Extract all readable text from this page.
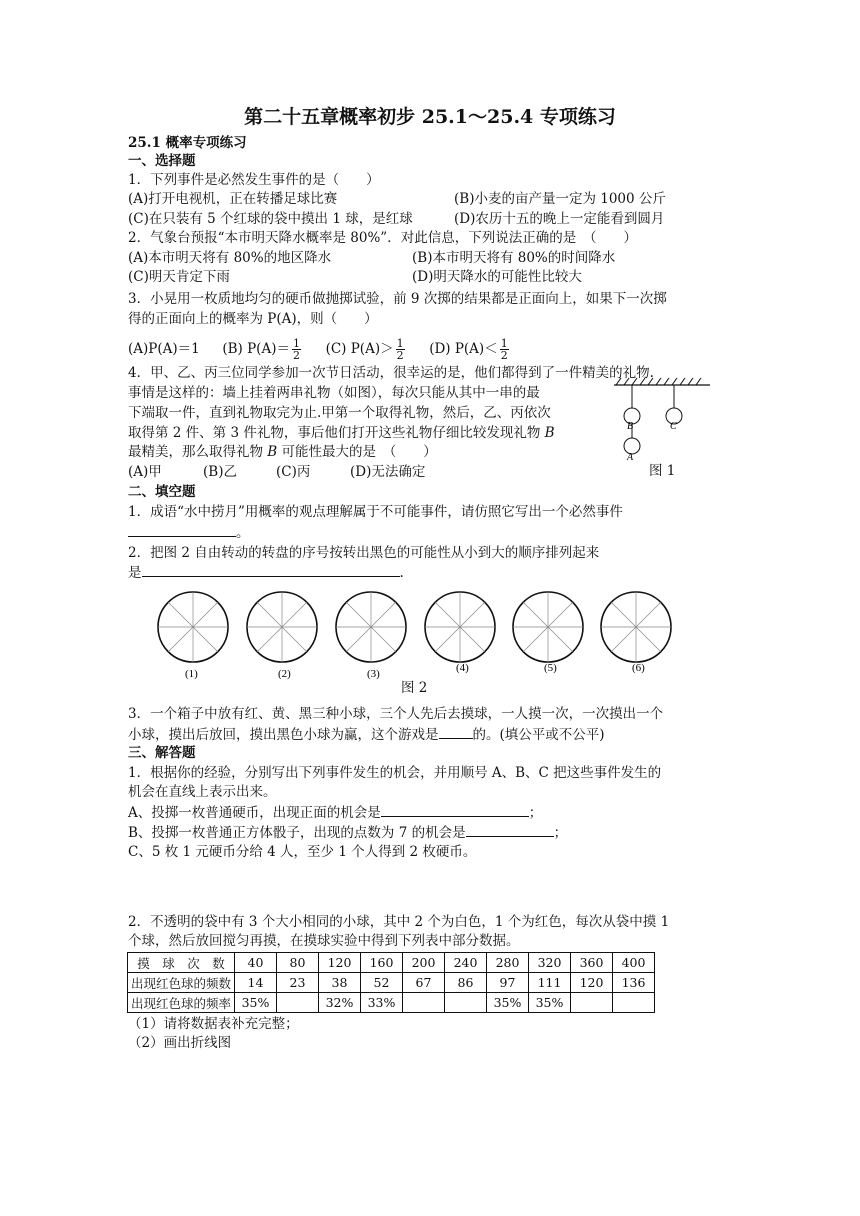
第二十五章概率初步 25.1～25.4 专项练习
25.1 概率专项练习
一、选择题
1．下列事件是必然发生事件的是（　　）
(A)打开电视机，正在转播足球比赛	(B)小麦的亩产量一定为 1000 公斤
(C)在只装有 5 个红球的袋中摸出 1 球，是红球	(D)农历十五的晚上一定能看到圆月
2．气象台预报“本市明天降水概率是 80%”．对此信息，下列说法正确的是　（　　）
(A)本市明天将有 80%的地区降水	(B)本市明天将有 80%的时间降水
(C)明天肯定下雨	(D)明天降水的可能性比较大
3．小晃用一枚质地均匀的硬币做抛掷试验，前 9 次掷的结果都是正面向上，如果下一次掷
得的正面向上的概率为 P(A)，则（　　）
(A)P(A)＝1 (B) $P(A)= \frac{1}{2} (C)$ $P(A)> \frac{1}{2} (D)$ $P(A)< \frac{1}{2}$
4．甲、乙、丙三位同学参加一次节日活动，很幸运的是，他们都得到了一件精美的礼物.
事情是这样的：墙上挂着两串礼物（如图），每次只能从其中一串的最
下端取一件，直到礼物取完为止.甲第一个取得礼物，然后，乙、丙依次
取得第 2 件、第 3 件礼物，事后他们打开这些礼物仔细比较发现礼物 B
最精美，那么取得礼物 B 可能性最大的是　（　　）
(A)甲	(B)乙	(C)丙	(D)无法确定
B
A
C
图 1
二、填空题
1．成语“水中捞月”用概率的观点理解属于不可能事件，请仿照它写出一个必然事件
。
2．把图 2 自由转动的转盘的序号按转出黑色的可能性从小到大的顺序排列起来
是	.
(1)	(2)	(3)	(4)	(5)	(6)
图 2
3．一个箱子中放有红、黄、黑三种小球，三个人先后去摸球，一人摸一次，一次摸出一个
小球，摸出后放回，摸出黑色小球为赢，这个游戏是	的。(填公平或不公平)
三、解答题
1．根据你的经验，分别写出下列事件发生的机会，并用顺号 A、B、C 把这些事件发生的
机会在直线上表示出来。
A、投掷一枚普通硬币，出现正面的机会是	；
B、投掷一枚普通正方体骰子，出现的点数为 7 的机会是	；
C、5 枚 1 元硬币分给 4 人，至少 1 个人得到 2 枚硬币。
2．不透明的袋中有 3 个大小相同的小球，其中 2 个为白色，1 个为红色，每次从袋中摸 1
个球，然后放回搅匀再摸，在摸球实验中得到下列表中部分数据。
摸　球　次　数	40	80	120	160	200	240	280	320	360	400
出现红色球的频数	14	23	38	52	67	86	97	111	120	136
出现红色球的频率	35%		32%	33%			35%	35%		
（1）请将数据表补充完整；
（2）画出折线图
